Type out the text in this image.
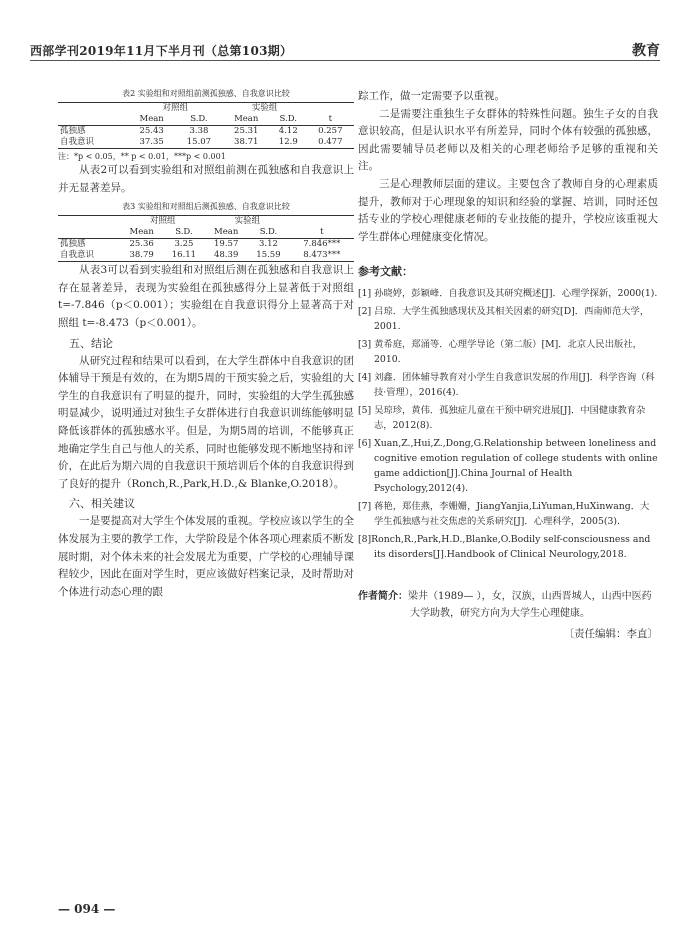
西部学刊2019年11月下半月刊（总第103期）	教育

表2 实验组和对照组前测孤独感、自我意识比较

	对照组		实验组		
	Mean	S.D.	Mean	S.D.	t
孤独感	25.43	3.38	25.31	4.12	0.257
自我意识	37.35	15.07	38.71	12.9	0.477

注：*p < 0.05，** p < 0.01，***p < 0.001

从表2可以看到实验组和对照组前测在孤独感和自我意识上并无显著差异。

表3 实验组和对照组后测孤独感、自我意识比较

	对照组		实验组		
	Mean	S.D.	Mean	S.D.	t
孤独感	25.36	3.25	19.57	3.12	7.846***
自我意识	38.79	16.11	48.39	15.59	8.473***

从表3可以看到实验组和对照组后测在孤独感和自我意识上存在显著差异，表现为实验组在孤独感得分上显著低于对照组 t=-7.846（p＜0.001）；实验组在自我意识得分上显著高于对照组 t=-8.473（p＜0.001）。

五、结论

从研究过程和结果可以看到，在大学生群体中自我意识的团体辅导干预是有效的，在为期5周的干预实验之后，实验组的大学生的自我意识有了明显的提升，同时，实验组的大学生孤独感明显减少，说明通过对独生子女群体进行自我意识训练能够明显降低该群体的孤独感水平。但是，为期5周的培训，不能够真正地确定学生自己与他人的关系，同时也能够发现不断地坚持和评价，在此后为期六周的自我意识干预培训后个体的自我意识得到了良好的提升（Ronch,R.,Park,H.D.,& Blanke,O.2018）。

六、相关建议

一是要提高对大学生个体发展的重视。学校应该以学生的全体发展为主要的教学工作，大学阶段是个体各项心理素质不断发展时期，对个体未来的社会发展尤为重要，广学校的心理辅导课程较少，因此在面对学生时，更应该做好档案记录，及时帮助对个体进行动态心理的跟

踪工作，做一定需要予以重视。

二是需要注重独生子女群体的特殊性问题。独生子女的自我意识较高，但是认识水平有所差异，同时个体有较强的孤独感，因此需要辅导员老师以及相关的心理老师给予足够的重视和关注。

三是心理教师层面的建议。主要包含了教师自身的心理素质提升，教师对于心理现象的知识和经验的掌握、培训，同时还包括专业的学校心理健康老师的专业技能的提升，学校应该重视大学生群体心理健康变化情况。

参考文献：

[1] 孙晓婷，彭颖峰．自我意识及其研究概述[J]．心理学探新，2000(1).

[2] 吕琼．大学生孤独感现状及其相关因素的研究[D]．西南师范大学，2001.

[3] 黄希庭，郑涌等．心理学导论（第二版）[M]．北京人民出版社，2010.

[4] 刘鑫．团体辅导教育对小学生自我意识发展的作用[J]．科学咨询（科技·管理），2016(4).

[5] 吴琼珍，黄伟．孤独症儿童在干预中研究进展[J]．中国健康教育杂志，2012(8).

[6] Xuan,Z.,Hui,Z.,Dong,G.Relationship between loneliness and cognitive emotion regulation of college students with online game addiction[J].China Journal of Health Psychology,2012(4).

[7] 蒋艳，郑佳燕，李姗姗，JiangYanjia,LiYuman,HuXinwang．大学生孤独感与社交焦虑的关系研究[J]．心理科学，2005(3).

[8]Ronch,R.,Park,H.D.,Blanke,O.Bodily self-consciousness and its disorders[J].Handbook of Clinical Neurology,2018.

作者简介：梁井（1989— ），女，汉族，山西晋城人，山西中医药大学助教，研究方向为大学生心理健康。

〔责任编辑：李直〕

— 094 —
